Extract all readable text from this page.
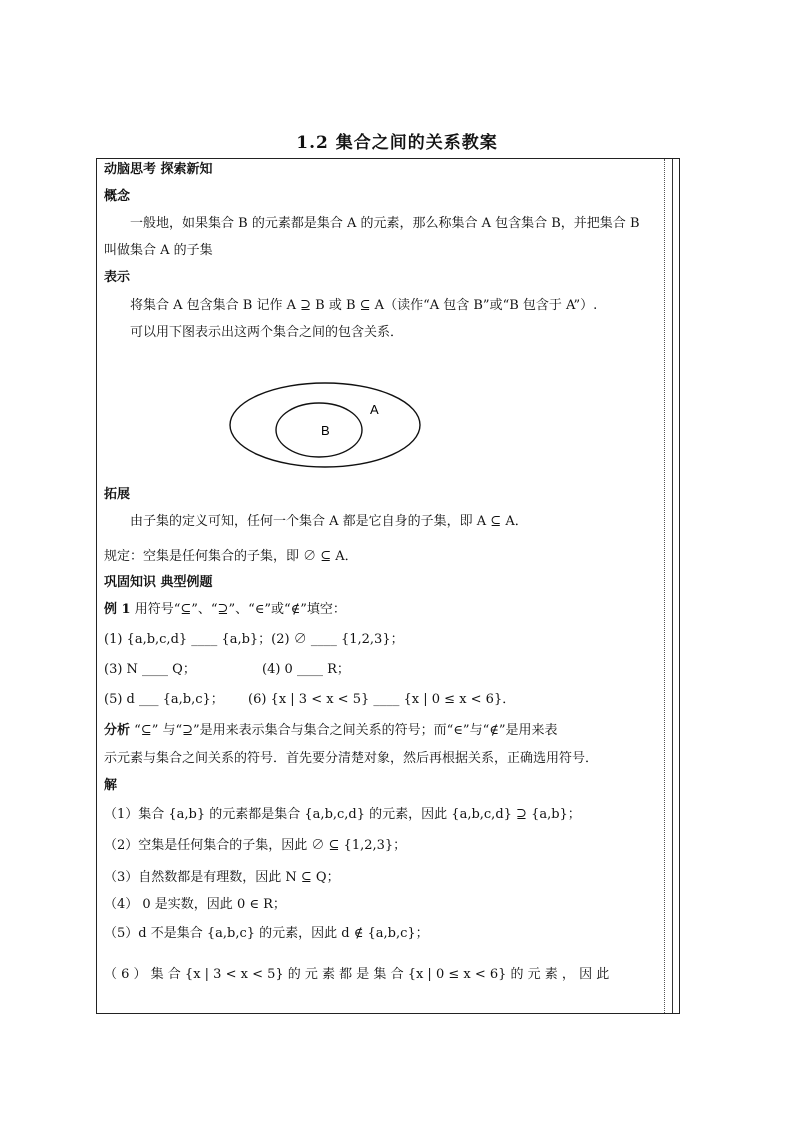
1.2 集合之间的关系教案
动脑思考 探索新知
概念
一般地，如果集合 B 的元素都是集合 A 的元素，那么称集合 A 包含集合 B，并把集合 B
叫做集合 A 的子集
表示
将集合 A 包含集合 B 记作 A ⊇ B 或 B ⊆ A（读作“A 包含 B”或“B 包含于 A”）.
可以用下图表示出这两个集合之间的包含关系．
A
B
拓展
由子集的定义可知，任何一个集合 A 都是它自身的子集，即 A ⊆ A．
规定：空集是任何集合的子集，即 ∅ ⊆ A．
巩固知识 典型例题
例 1 用符号“⊆”、“⊇”、“∈”或“∉”填空：
(1) {a,b,c,d} ____ {a,b}；(2) ∅ ____ {1,2,3}；
(3) N ____ Q；	(4) 0 ____ R；
(5) d ___ {a,b,c}； (6) {x | 3 < x < 5} ____ {x | 0 ≤ x < 6}．
分析 “⊆” 与“⊇”是用来表示集合与集合之间关系的符号；而“∈”与“∉”是用来表
示元素与集合之间关系的符号．首先要分清楚对象，然后再根据关系，正确选用符号．
解
（1）集合 {a,b} 的元素都是集合 {a,b,c,d} 的元素，因此 {a,b,c,d} ⊇ {a,b}；
（2）空集是任何集合的子集，因此 ∅ ⊆ {1,2,3}；
（3）自然数都是有理数，因此 N ⊆ Q；
（4） 0 是实数，因此 0 ∈ R；
（5）d 不是集合 {a,b,c} 的元素，因此 d ∉ {a,b,c}；
（ 6 ） 集 合 {x | 3 < x < 5} 的 元 素 都 是 集 合 {x | 0 ≤ x < 6} 的 元 素 ， 因 此
